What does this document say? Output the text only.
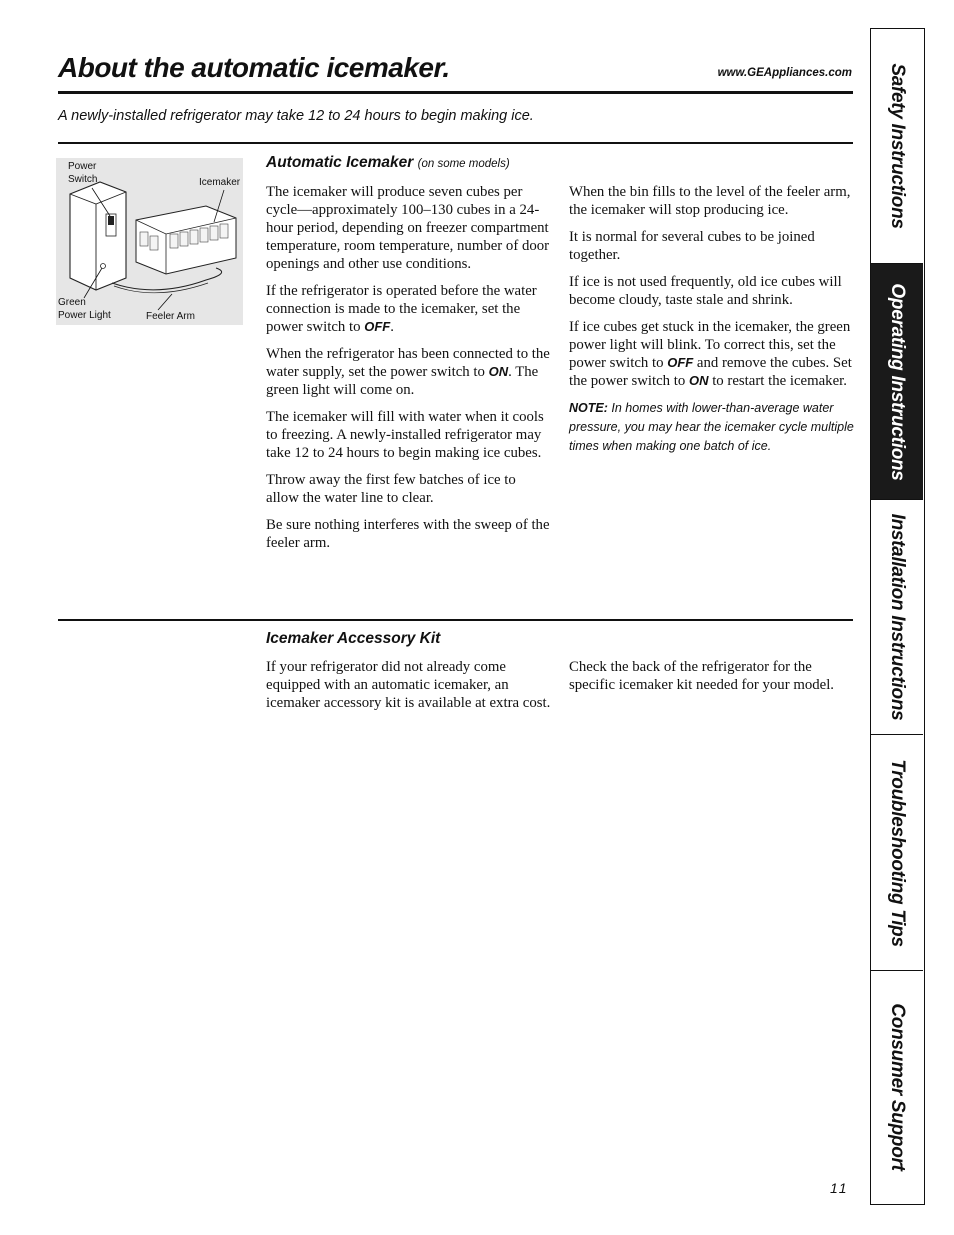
About the automatic icemaker.	www.GEAppliances.com
A newly-installed refrigerator may take 12 to 24 hours to begin making ice.
Power
Switch	Icemaker
Green
Power Light	Feeler Arm
Automatic Icemaker (on some models)

The icemaker will produce seven cubes per cycle—approximately 100–130 cubes in a 24-hour period, depending on freezer compartment temperature, room temperature, number of door openings and other use conditions.

If the refrigerator is operated before the water connection is made to the icemaker, set the power switch to OFF.

When the refrigerator has been connected to the water supply, set the power switch to ON. The green light will come on.

The icemaker will fill with water when it cools to freezing. A newly-installed refrigerator may take 12 to 24 hours to begin making ice cubes.

Throw away the first few batches of ice to allow the water line to clear.

Be sure nothing interferes with the sweep of the feeler arm.

When the bin fills to the level of the feeler arm, the icemaker will stop producing ice.

It is normal for several cubes to be joined together.

If ice is not used frequently, old ice cubes will become cloudy, taste stale and shrink.

If ice cubes get stuck in the icemaker, the green power light will blink. To correct this, set the power switch to OFF and remove the cubes. Set the power switch to ON to restart the icemaker.

NOTE: In homes with lower-than-average water pressure, you may hear the icemaker cycle multiple times when making one batch of ice.

Icemaker Accessory Kit

If your refrigerator did not already come equipped with an automatic icemaker, an icemaker accessory kit is available at extra cost.

Check the back of the refrigerator for the specific icemaker kit needed for your model.

11
Safety Instructions
Operating Instructions
Installation Instructions
Troubleshooting Tips
Consumer Support
